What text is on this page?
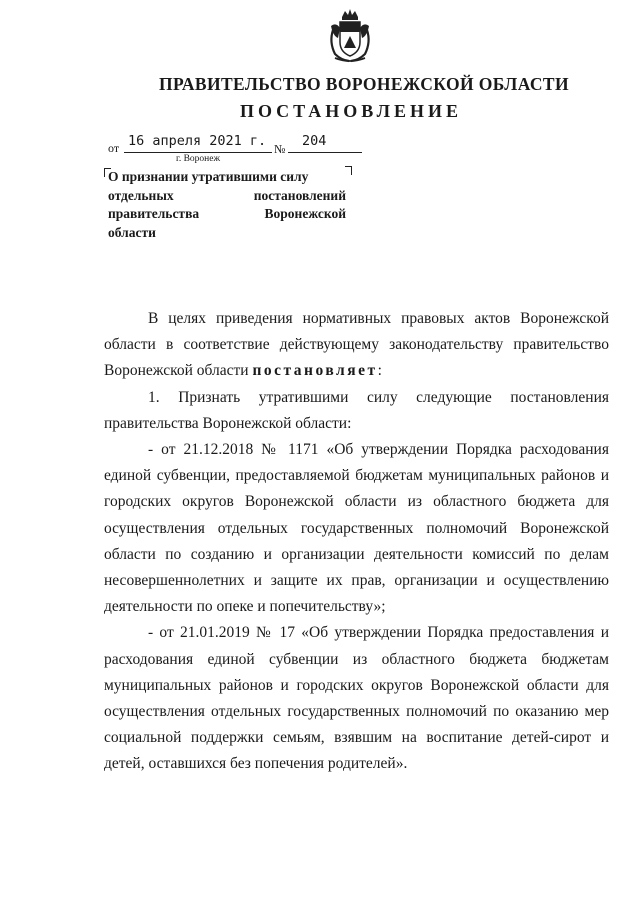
ПРАВИТЕЛЬСТВО ВОРОНЕЖСКОЙ ОБЛАСТИ
ПОСТАНОВЛЕНИЕ
от 16 апреля 2021 г. № 204
г. Воронеж
О признании утратившими силу
отдельных	постановлений
правительства	Воронежской
области

В целях приведения нормативных правовых актов Воронежской области в соответствие действующему законодательству правительство Воронежской области постановляет:

1. Признать утратившими силу следующие постановления правительства Воронежской области:

- от 21.12.2018 № 1171 «Об утверждении Порядка расходования единой субвенции, предоставляемой бюджетам муниципальных районов и городских округов Воронежской области из областного бюджета для осуществления отдельных государственных полномочий Воронежской области по созданию и организации деятельности комиссий по делам несовершеннолетних и защите их прав, организации и осуществлению деятельности по опеке и попечительству»;

- от 21.01.2019 № 17 «Об утверждении Порядка предоставления и расходования единой субвенции из областного бюджета бюджетам муниципальных районов и городских округов Воронежской области для осуществления отдельных государственных полномочий по оказанию мер социальной поддержки семьям, взявшим на воспитание детей-сирот и детей, оставшихся без попечения родителей».
